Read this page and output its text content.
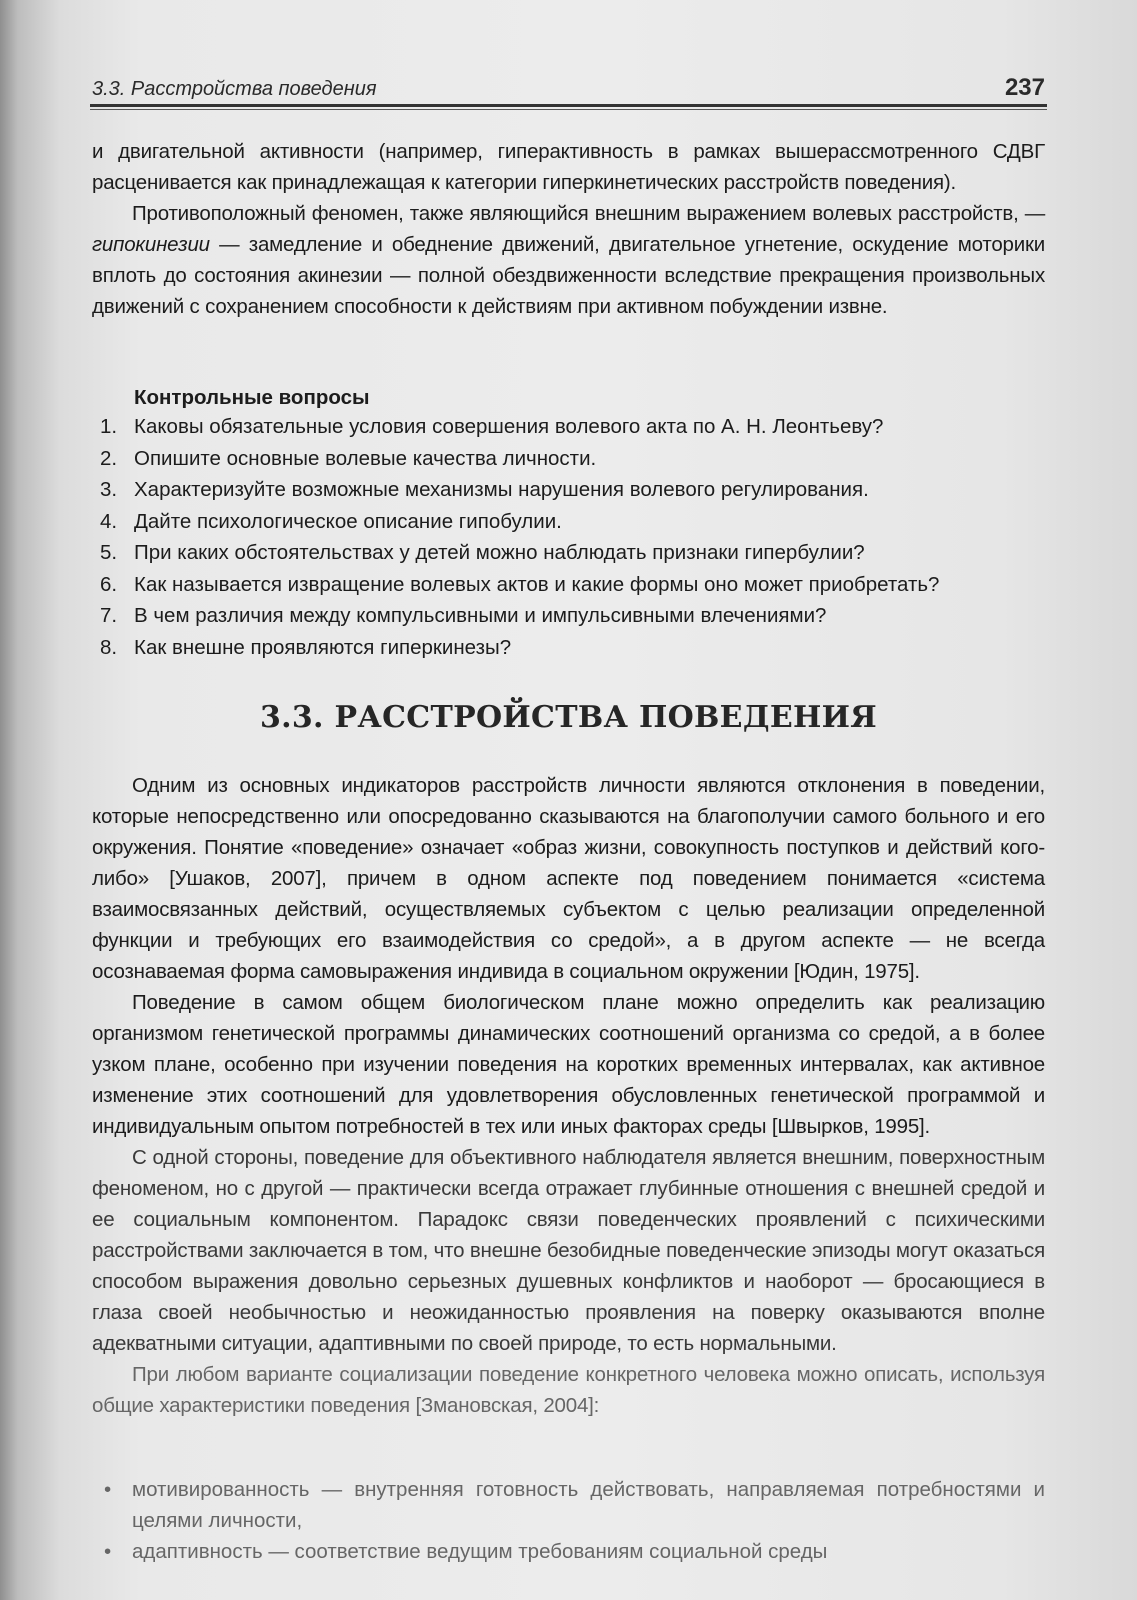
3.3. Расстройства поведения	237

и двигательной активности (например, гиперактивность в рамках вышерассмотренного СДВГ расценивается как принадлежащая к категории гиперкинетических расстройств поведения).

Противоположный феномен, также являющийся внешним выражением волевых расстройств, — гипокинезии — замедление и обеднение движений, двигательное угнетение, оскудение моторики вплоть до состояния акинезии — полной обездвиженности вследствие прекращения произвольных движений с сохранением способности к действиям при активном побуждении извне.

Контрольные вопросы
1. Каковы обязательные условия совершения волевого акта по А. Н. Леонтьеву?
2. Опишите основные волевые качества личности.
3. Характеризуйте возможные механизмы нарушения волевого регулирования.
4. Дайте психологическое описание гипобулии.
5. При каких обстоятельствах у детей можно наблюдать признаки гипербулии?
6. Как называется извращение волевых актов и какие формы оно может приобретать?
7. В чем различия между компульсивными и импульсивными влечениями?
8. Как внешне проявляются гиперкинезы?
3.3. РАССТРОЙСТВА ПОВЕДЕНИЯ

Одним из основных индикаторов расстройств личности являются отклонения в поведении, которые непосредственно или опосредованно сказываются на благополучии самого больного и его окружения. Понятие «поведение» означает «образ жизни, совокупность поступков и действий кого-либо» [Ушаков, 2007], причем в одном аспекте под поведением понимается «система взаимосвязанных действий, осуществляемых субъектом с целью реализации определенной функции и требующих его взаимодействия со средой», а в другом аспекте — не всегда осознаваемая форма самовыражения индивида в социальном окружении [Юдин, 1975].

Поведение в самом общем биологическом плане можно определить как реализацию организмом генетической программы динамических соотношений организма со средой, а в более узком плане, особенно при изучении поведения на коротких временных интервалах, как активное изменение этих соотношений для удовлетворения обусловленных генетической программой и индивидуальным опытом потребностей в тех или иных факторах среды [Швырков, 1995].

С одной стороны, поведение для объективного наблюдателя является внешним, поверхностным феноменом, но с другой — практически всегда отражает глубинные отношения с внешней средой и ее социальным компонентом. Парадокс связи поведенческих проявлений с психическими расстройствами заключается в том, что внешне безобидные поведенческие эпизоды могут оказаться способом выражения довольно серьезных душевных конфликтов и наоборот — бросающиеся в глаза своей необычностью и неожиданностью проявления на поверку оказываются вполне адекватными ситуации, адаптивными по своей природе, то есть нормальными.

При любом варианте социализации поведение конкретного человека можно описать, используя общие характеристики поведения [Змановская, 2004]:

• мотивированность — внутренняя готовность действовать, направляемая потребностями и целями личности,
• адаптивность — соответствие ведущим требованиям социальной среды
